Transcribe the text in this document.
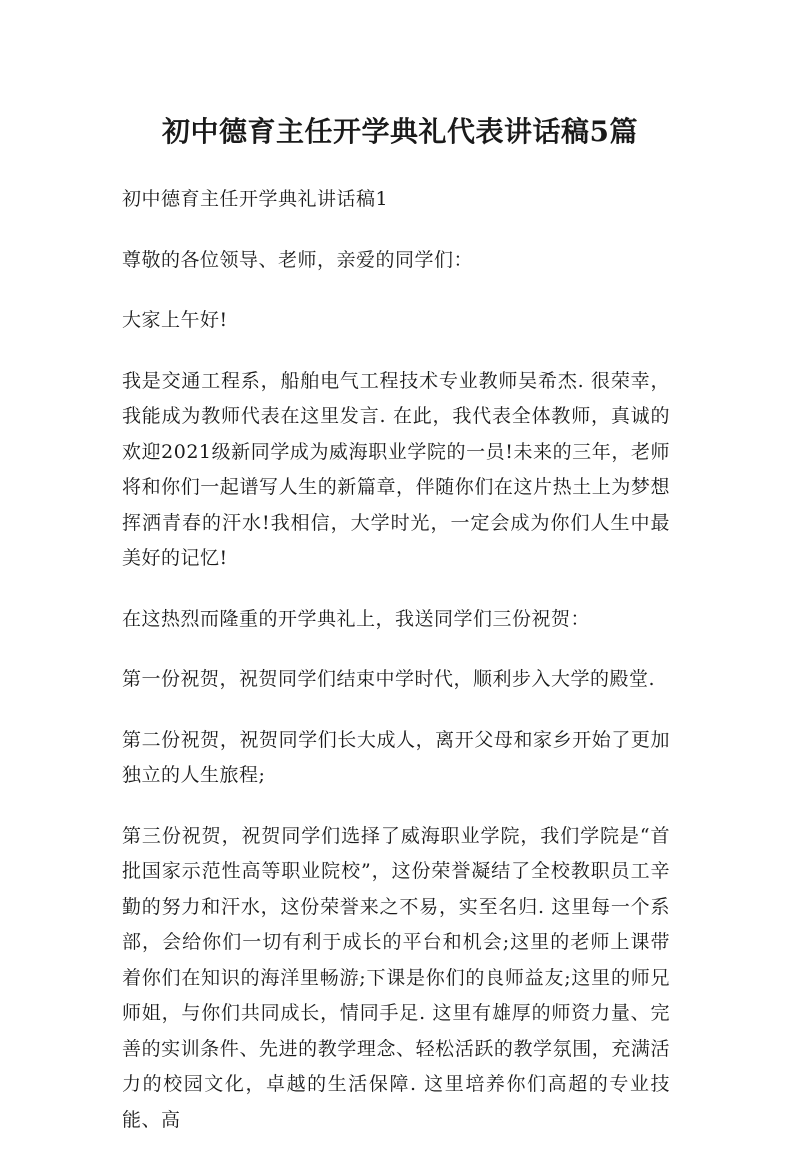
初中德育主任开学典礼代表讲话稿5篇

初中德育主任开学典礼讲话稿1

尊敬的各位领导、老师，亲爱的同学们：

大家上午好!

我是交通工程系，船舶电气工程技术专业教师吴希杰. 很荣幸，我能成为教师代表在这里发言. 在此，我代表全体教师，真诚的欢迎2021级新同学成为威海职业学院的一员!未来的三年，老师将和你们一起谱写人生的新篇章，伴随你们在这片热土上为梦想挥洒青春的汗水!我相信，大学时光，一定会成为你们人生中最美好的记忆!

在这热烈而隆重的开学典礼上，我送同学们三份祝贺：

第一份祝贺，祝贺同学们结束中学时代，顺利步入大学的殿堂.

第二份祝贺，祝贺同学们长大成人，离开父母和家乡开始了更加独立的人生旅程;

第三份祝贺，祝贺同学们选择了威海职业学院，我们学院是“首批国家示范性高等职业院校”，这份荣誉凝结了全校教职员工辛勤的努力和汗水，这份荣誉来之不易，实至名归. 这里每一个系部，会给你们一切有利于成长的平台和机会;这里的老师上课带着你们在知识的海洋里畅游;下课是你们的良师益友;这里的师兄师姐，与你们共同成长，情同手足. 这里有雄厚的师资力量、完善的实训条件、先进的教学理念、轻松活跃的教学氛围，充满活力的校园文化，卓越的生活保障. 这里培养你们高超的专业技能、高
